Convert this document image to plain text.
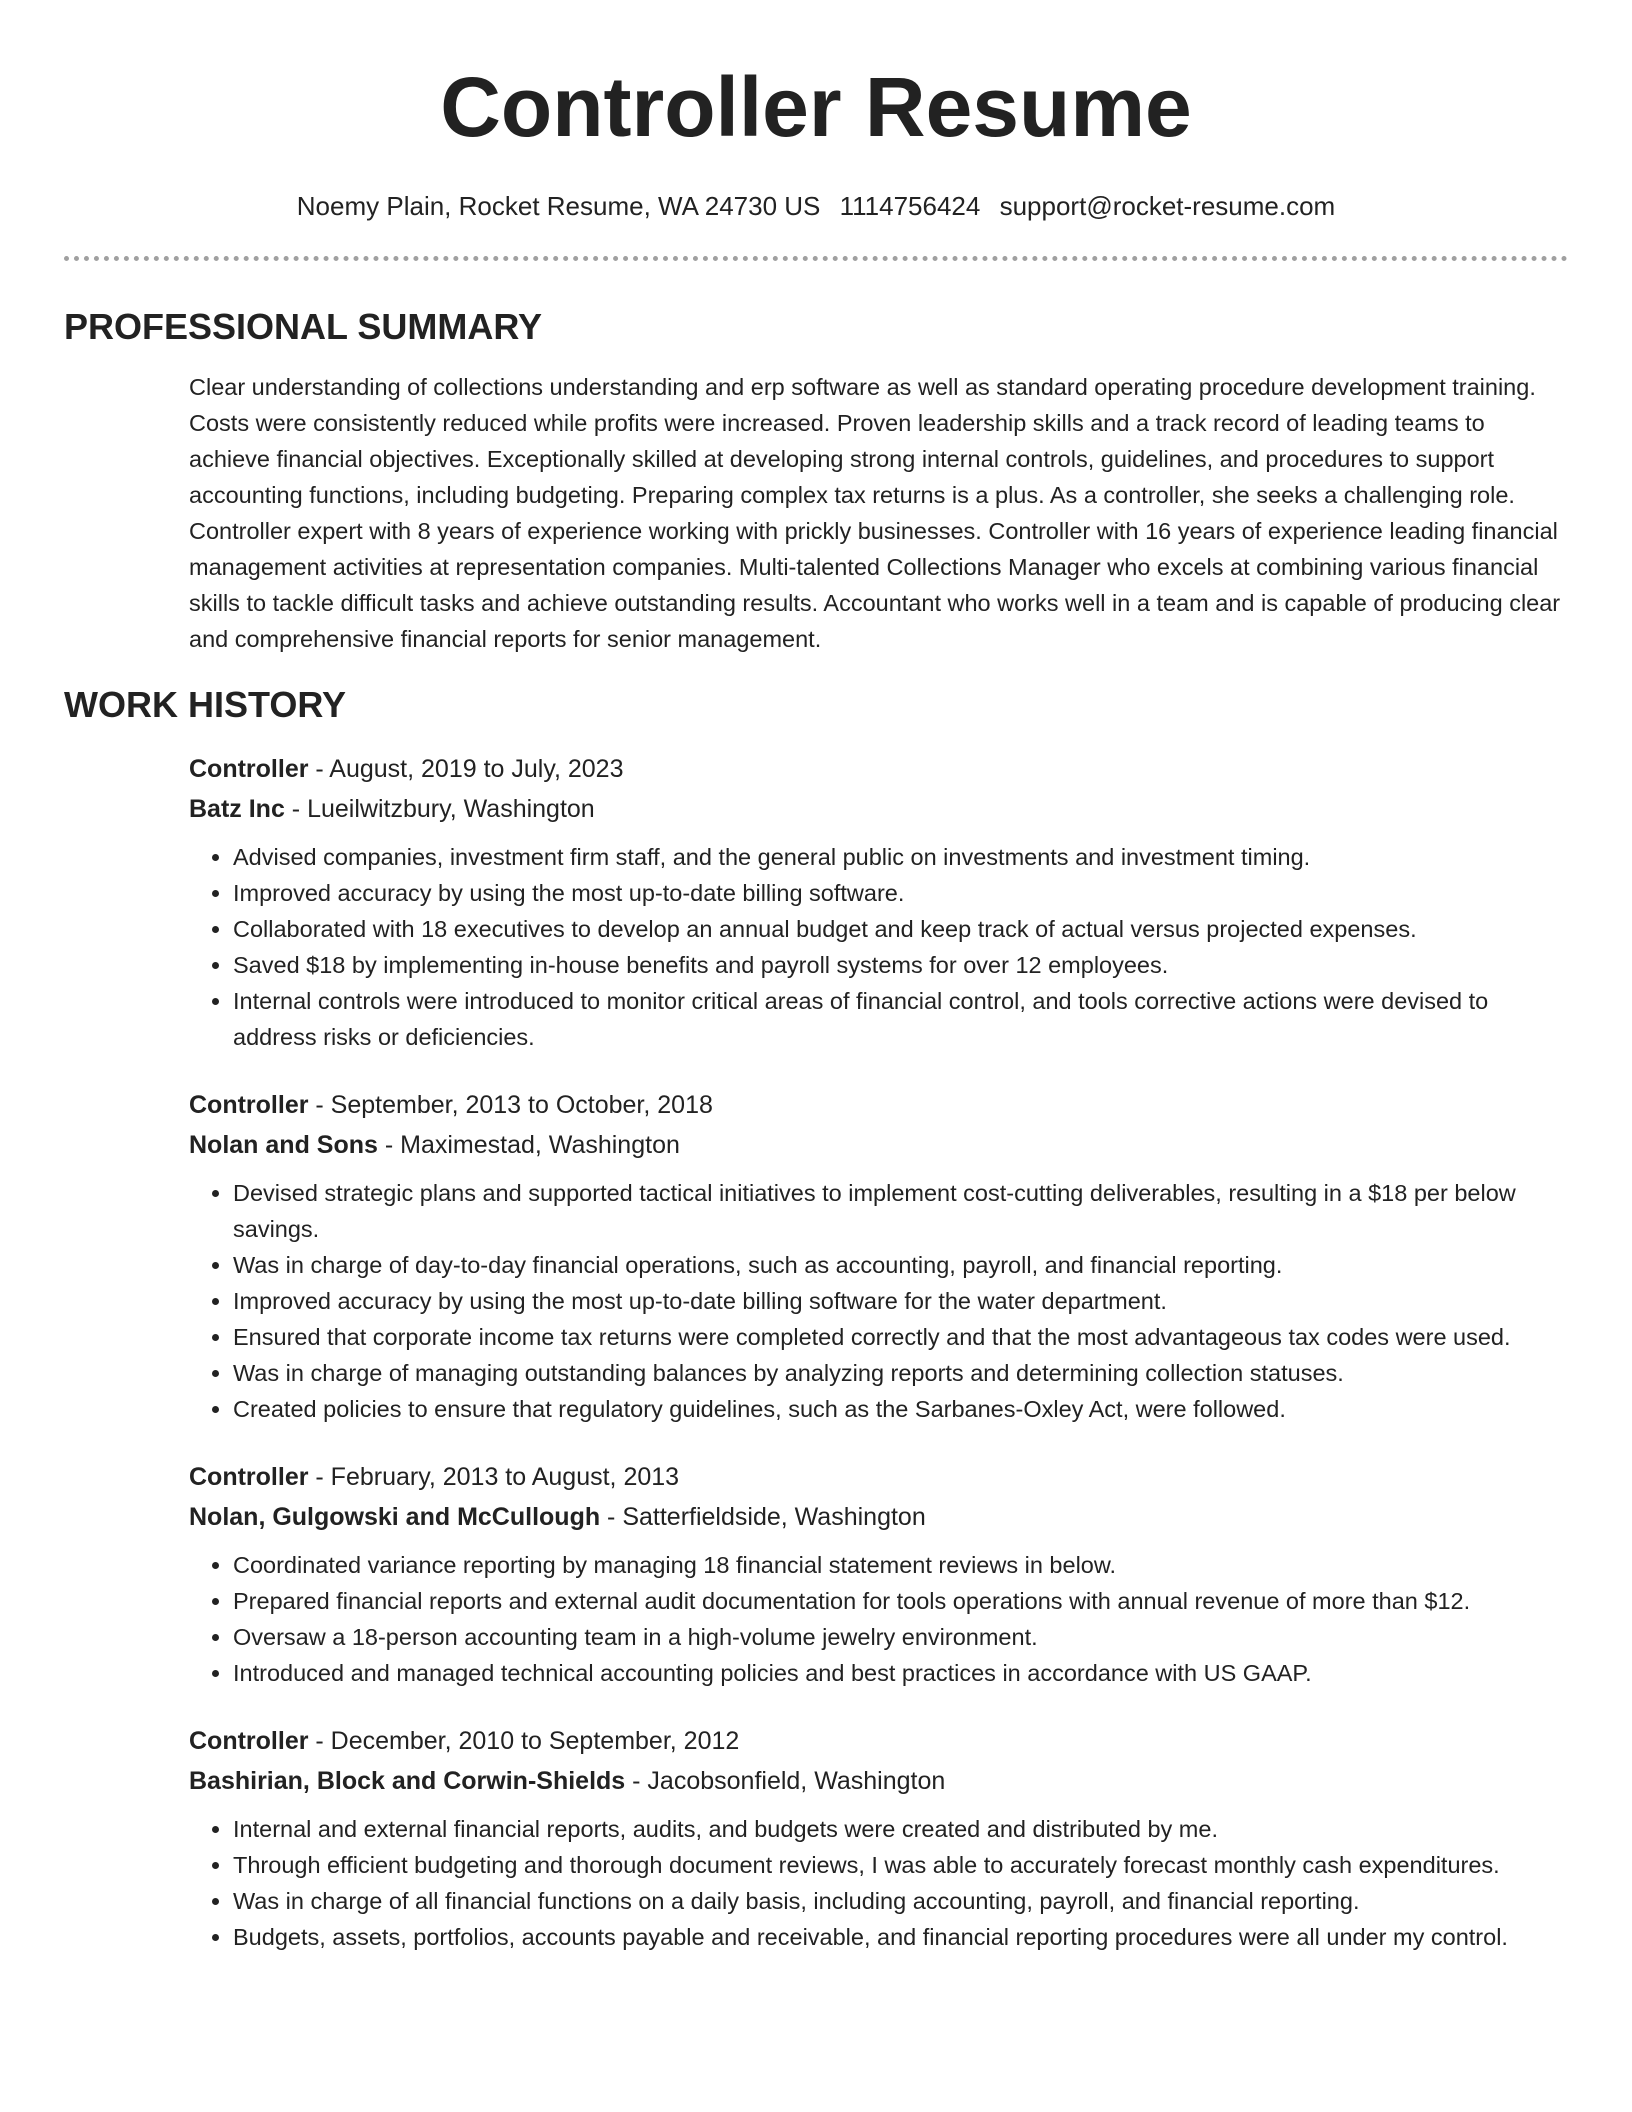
Controller Resume
Noemy Plain, Rocket Resume, WA 24730 US 1114756424 support@rocket-resume.com
PROFESSIONAL SUMMARY
Clear understanding of collections understanding and erp software as well as standard operating procedure development training. Costs were consistently reduced while profits were increased. Proven leadership skills and a track record of leading teams to achieve financial objectives. Exceptionally skilled at developing strong internal controls, guidelines, and procedures to support accounting functions, including budgeting. Preparing complex tax returns is a plus. As a controller, she seeks a challenging role. Controller expert with 8 years of experience working with prickly businesses. Controller with 16 years of experience leading financial management activities at representation companies. Multi-talented Collections Manager who excels at combining various financial skills to tackle difficult tasks and achieve outstanding results. Accountant who works well in a team and is capable of producing clear and comprehensive financial reports for senior management.
WORK HISTORY
Controller - August, 2019 to July, 2023
Batz Inc - Lueilwitzbury, Washington
• Advised companies, investment firm staff, and the general public on investments and investment timing.
• Improved accuracy by using the most up-to-date billing software.
• Collaborated with 18 executives to develop an annual budget and keep track of actual versus projected expenses.
• Saved $18 by implementing in-house benefits and payroll systems for over 12 employees.
• Internal controls were introduced to monitor critical areas of financial control, and tools corrective actions were devised to address risks or deficiencies.
Controller - September, 2013 to October, 2018
Nolan and Sons - Maximestad, Washington
• Devised strategic plans and supported tactical initiatives to implement cost-cutting deliverables, resulting in a $18 per below savings.
• Was in charge of day-to-day financial operations, such as accounting, payroll, and financial reporting.
• Improved accuracy by using the most up-to-date billing software for the water department.
• Ensured that corporate income tax returns were completed correctly and that the most advantageous tax codes were used.
• Was in charge of managing outstanding balances by analyzing reports and determining collection statuses.
• Created policies to ensure that regulatory guidelines, such as the Sarbanes-Oxley Act, were followed.
Controller - February, 2013 to August, 2013
Nolan, Gulgowski and McCullough - Satterfieldside, Washington
• Coordinated variance reporting by managing 18 financial statement reviews in below.
• Prepared financial reports and external audit documentation for tools operations with annual revenue of more than $12.
• Oversaw a 18-person accounting team in a high-volume jewelry environment.
• Introduced and managed technical accounting policies and best practices in accordance with US GAAP.
Controller - December, 2010 to September, 2012
Bashirian, Block and Corwin-Shields - Jacobsonfield, Washington
• Internal and external financial reports, audits, and budgets were created and distributed by me.
• Through efficient budgeting and thorough document reviews, I was able to accurately forecast monthly cash expenditures.
• Was in charge of all financial functions on a daily basis, including accounting, payroll, and financial reporting.
• Budgets, assets, portfolios, accounts payable and receivable, and financial reporting procedures were all under my control.
